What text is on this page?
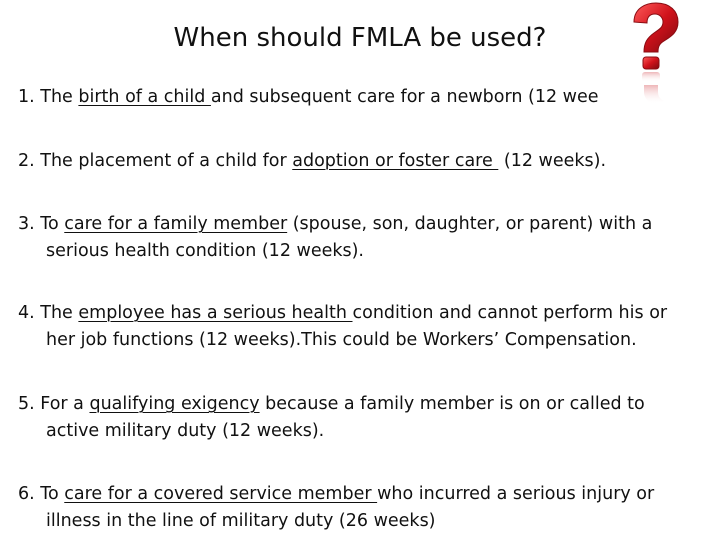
When should FMLA be used?

1. The birth of a child and subsequent care for a newborn (12 wee

2. The placement of a child for adoption or foster care  (12 weeks).

3. To care for a family member (spouse, son, daughter, or parent) with a
serious health condition (12 weeks).

4. The employee has a serious health condition and cannot perform his or
her job functions (12 weeks).This could be Workers’ Compensation.

5. For a qualifying exigency because a family member is on or called to
active military duty (12 weeks).

6. To care for a covered service member who incurred a serious injury or
illness in the line of military duty (26 weeks)
